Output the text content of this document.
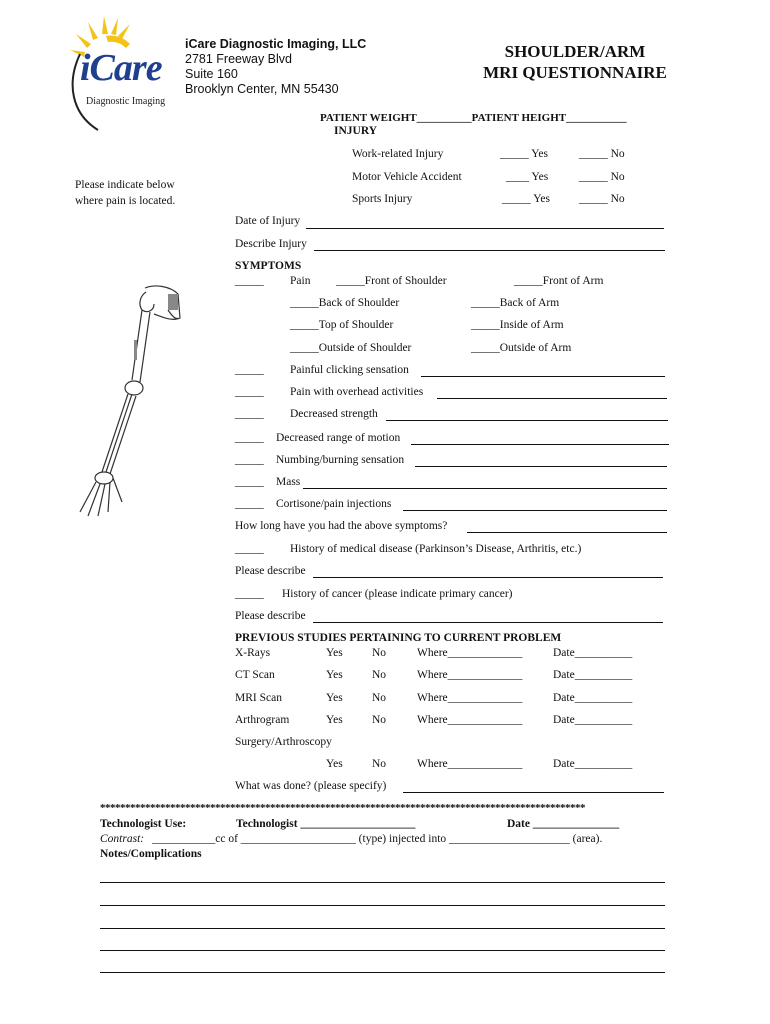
iCare
Diagnostic Imaging
iCare Diagnostic Imaging, LLC
2781 Freeway Blvd
Suite 160
Brooklyn Center, MN 55430
SHOULDER/ARM
MRI QUESTIONNAIRE
PATIENT WEIGHT__________PATIENT HEIGHT___________
INJURY
Work-related Injury	_____ Yes	_____ No
Motor Vehicle Accident	____ Yes	_____ No
Sports Injury	_____ Yes	_____ No
Please indicate below
where pain is located.
Date of Injury
Describe Injury
SYMPTOMS
_____ Pain _____Front of Shoulder	_____Front of Arm
_____Back of Shoulder	_____Back of Arm
_____Top of Shoulder	_____Inside of Arm
_____Outside of Shoulder	_____Outside of Arm
_____ Painful clicking sensation
_____ Pain with overhead activities
_____ Decreased strength
_____ Decreased range of motion
_____ Numbing/burning sensation
_____ Mass
_____ Cortisone/pain injections
How long have you had the above symptoms?
_____ History of medical disease (Parkinson’s Disease, Arthritis, etc.)
Please describe
_____ History of cancer (please indicate primary cancer)
Please describe
PREVIOUS STUDIES PERTAINING TO CURRENT PROBLEM
X-Rays	Yes	No	Where_____________	Date__________
CT Scan	Yes	No	Where_____________	Date__________
MRI Scan	Yes	No	Where_____________	Date__________
Arthrogram	Yes	No	Where_____________	Date__________
Surgery/Arthroscopy
Yes	No	Where_____________	Date__________
What was done? (please specify)
*************************************************************************************************
Technologist Use:	Technologist ____________________	Date _______________
Contrast: ___________cc of ____________________ (type) injected into _____________________ (area).
Notes/Complications
